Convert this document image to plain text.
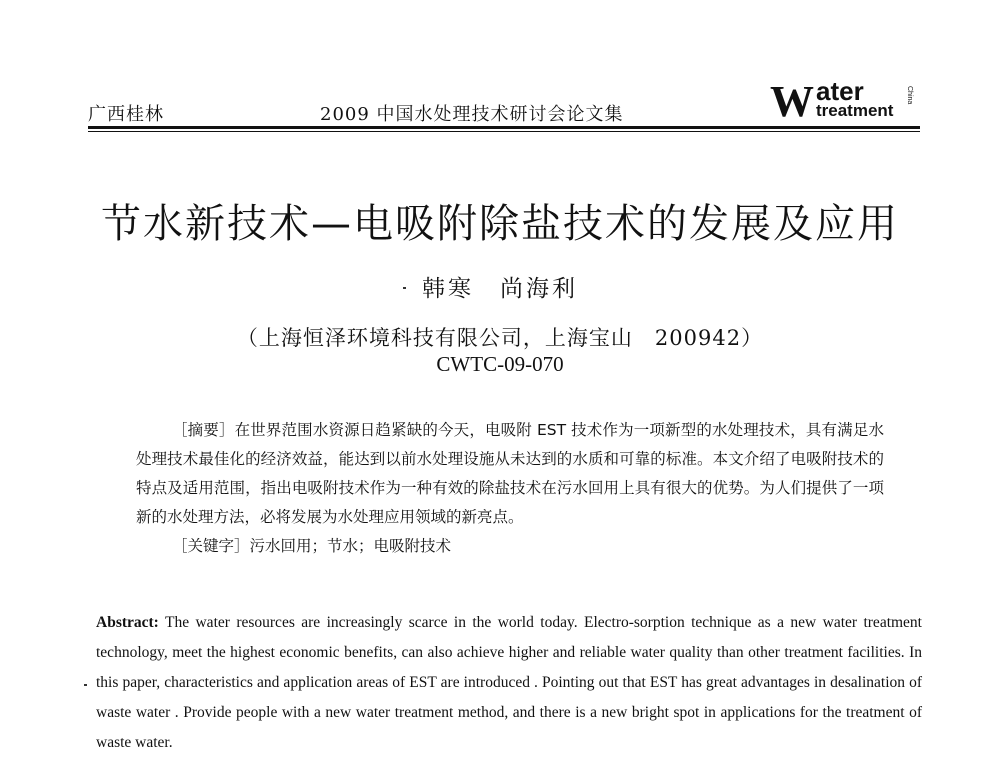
广西桂林	2009 中国水处理技术研讨会论文集	W ater
treatment
China
节水新技术—电吸附除盐技术的发展及应用
韩寒　尚海利
（上海恒泽环境科技有限公司，上海宝山　200942）
CWTC-09-070

［摘要］在世界范围水资源日趋紧缺的今天，电吸附 EST 技术作为一项新型的水处理技术，具有满足水处理技术最佳化的经济效益，能达到以前水处理设施从未达到的水质和可靠的标准。本文介绍了电吸附技术的特点及适用范围，指出电吸附技术作为一种有效的除盐技术在污水回用上具有很大的优势。为人们提供了一项新的水处理方法，必将发展为水处理应用领域的新亮点。

［关键字］污水回用；节水；电吸附技术

Abstract: The water resources are increasingly scarce in the world today. Electro-sorption technique as a new water treatment technology, meet the highest economic benefits, can also achieve higher and reliable water quality than other treatment facilities. In this paper, characteristics and application areas of EST are introduced . Pointing out that EST has great advantages in desalination of waste water . Provide people with a new water treatment method, and there is a new bright spot in applications for the treatment of waste water.
